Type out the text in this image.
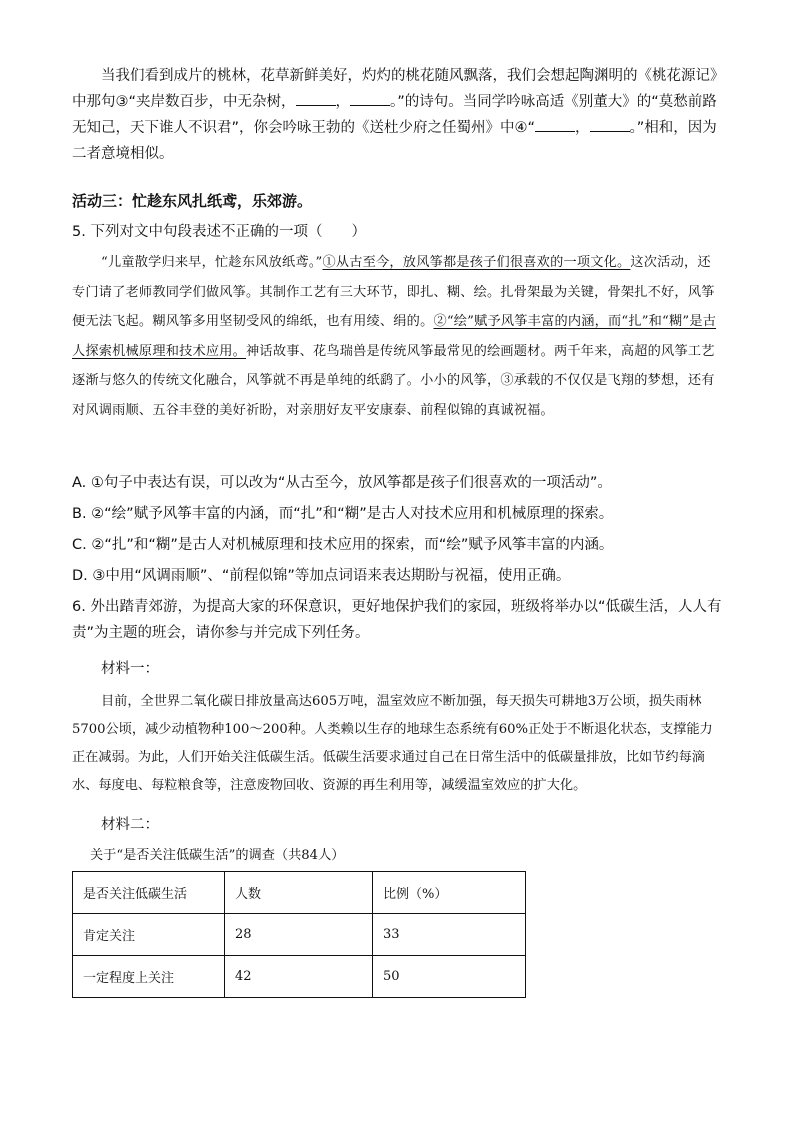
当我们看到成片的桃林，花草新鲜美好，灼灼的桃花随风飘落，我们会想起陶渊明的《桃花源记》中那句③“夹岸数百步，中无杂树，	，	。”的诗句。当同学吟咏高适《别董大》的“莫愁前路无知己，天下谁人不识君”，你会吟咏王勃的《送杜少府之任蜀州》中④“	，	。”相和，因为二者意境相似。

活动三：忙趁东风扎纸鸢，乐郊游。

5. 下列对文中句段表述不正确的一项（　　）

“儿童散学归来早，忙趁东风放纸鸢。”①从古至今，放风筝都是孩子们很喜欢的一项文化。这次活动，还专门请了老师教同学们做风筝。其制作工艺有三大环节，即扎、糊、绘。扎骨架最为关键，骨架扎不好，风筝便无法飞起。糊风筝多用坚韧受风的绵纸，也有用绫、绢的。②“绘”赋予风筝丰富的内涵，而“扎”和“糊”是古人探索机械原理和技术应用。神话故事、花鸟瑞兽是传统风筝最常见的绘画题材。两千年来，高超的风筝工艺逐渐与悠久的传统文化融合，风筝就不再是单纯的纸鹞了。小小的风筝，③承载的不仅仅是飞翔的梦想，还有对风调雨顺、五谷丰登的美好祈盼，对亲朋好友平安康泰、前程似锦的真诚祝福。

A. ①句子中表达有误，可以改为“从古至今，放风筝都是孩子们很喜欢的一项活动”。

B. ②“绘”赋予风筝丰富的内涵，而“扎”和“糊”是古人对技术应用和机械原理的探索。

C. ②“扎”和“糊”是古人对机械原理和技术应用的探索，而“绘”赋予风筝丰富的内涵。

D. ③中用“风调雨顺”、“前程似锦”等加点词语来表达期盼与祝福，使用正确。

6. 外出踏青郊游，为提高大家的环保意识，更好地保护我们的家园，班级将举办以“低碳生活，人人有责”为主题的班会，请你参与并完成下列任务。

材料一：

目前，全世界二氧化碳日排放量高达605万吨，温室效应不断加强，每天损失可耕地3万公顷，损失雨林5700公顷，减少动植物种100～200种。人类赖以生存的地球生态系统有60%正处于不断退化状态，支撑能力正在减弱。为此，人们开始关注低碳生活。低碳生活要求通过自己在日常生活中的低碳量排放，比如节约每滴水、每度电、每粒粮食等，注意废物回收、资源的再生利用等，减缓温室效应的扩大化。

材料二：

关于“是否关注低碳生活”的调查（共84人）

是否关注低碳生活	人数	比例（%）
肯定关注	28	33
一定程度上关注	42	50
